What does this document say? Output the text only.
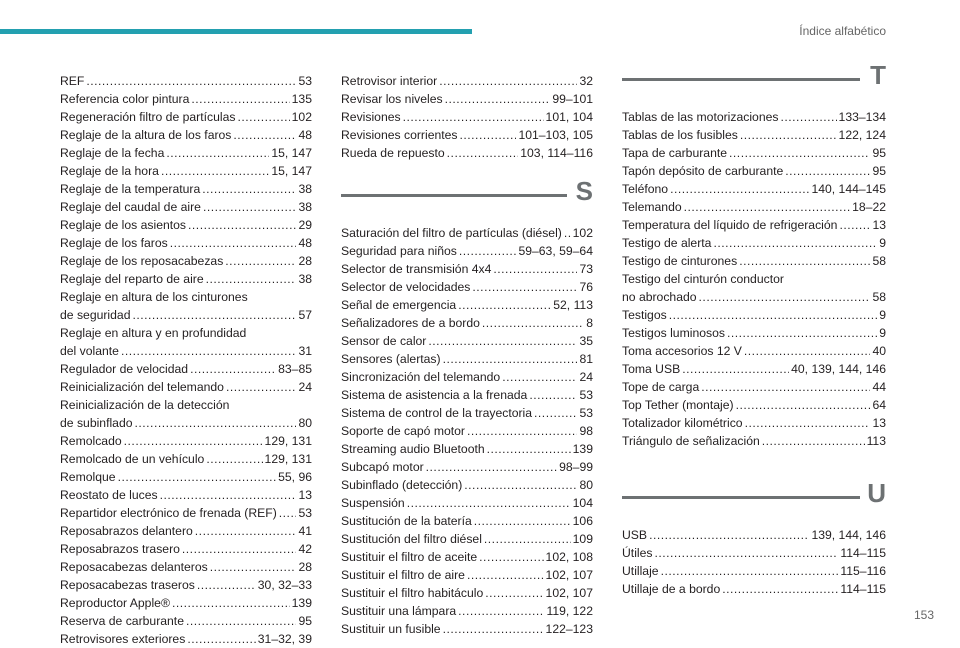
Índice alfabético
REF .....	53
Referencia color pintura .....	135
Regeneración filtro de partículas .....	102
Reglaje de la altura de los faros .....	48
Reglaje de la fecha .....	15, 147
Reglaje de la hora .....	15, 147
Reglaje de la temperatura .....	38
Reglaje del caudal de aire .....	38
Reglaje de los asientos .....	29
Reglaje de los faros .....	48
Reglaje de los reposacabezas .....	28
Reglaje del reparto de aire .....	38
Reglaje en altura de los cinturones
de seguridad .....	57
Reglaje en altura y en profundidad
del volante .....	31
Regulador de velocidad .....	83–85
Reinicialización del telemando .....	24
Reinicialización de la detección
de subinflado .....	80
Remolcado .....	129, 131
Remolcado de un vehículo .....	129, 131
Remolque .....	55, 96
Reostato de luces .....	13
Repartidor electrónico de frenada (REF) ..... 53
Reposabrazos delantero .....	41
Reposabrazos trasero .....	42
Reposacabezas delanteros .....	28
Reposacabezas traseros .....	30, 32–33
Reproductor Apple® .....	139
Reserva de carburante .....	95
Retrovisores exteriores .....	31–32, 39
Retrovisor interior .....	32
Revisar los niveles .....	99–101
Revisiones .....	101, 104
Revisiones corrientes .....	101–103, 105
Rueda de repuesto .....	103, 114–116
S
Saturación del filtro de partículas (diésel) ..... 102
Seguridad para niños .....	59–63, 59–64
Selector de transmisión 4x4 .....	73
Selector de velocidades .....	76
Señal de emergencia .....	52, 113
Señalizadores de a bordo .....	8
Sensor de calor .....	35
Sensores (alertas) .....	81
Sincronización del telemando .....	24
Sistema de asistencia a la frenada .....	53
Sistema de control de la trayectoria .....	53
Soporte de capó motor .....	98
Streaming audio Bluetooth .....	139
Subcapó motor .....	98–99
Subinflado (detección) .....	80
Suspensión .....	104
Sustitución de la batería .....	106
Sustitución del filtro diésel .....	109
Sustituir el filtro de aceite .....	102, 108
Sustituir el filtro de aire .....	102, 107
Sustituir el filtro habitáculo .....	102, 107
Sustituir una lámpara .....	119, 122
Sustituir un fusible .....	122–123
T
Tablas de las motorizaciones .....	133–134
Tablas de los fusibles .....	122, 124
Tapa de carburante .....	95
Tapón depósito de carburante .....	95
Teléfono .....	140, 144–145
Telemando .....	18–22
Temperatura del líquido de refrigeración .....	13
Testigo de alerta .....	9
Testigo de cinturones .....	58
Testigo del cinturón conductor
no abrochado .....	58
Testigos .....	9
Testigos luminosos .....	9
Toma accesorios 12 V .....	40
Toma USB .....	40, 139, 144, 146
Tope de carga .....	44
Top Tether (montaje) .....	64
Totalizador kilométrico .....	13
Triángulo de señalización .....	113
U
USB .....	139, 144, 146
Útiles .....	114–115
Utillaje .....	115–116
Utillaje de a bordo .....	114–115
153
